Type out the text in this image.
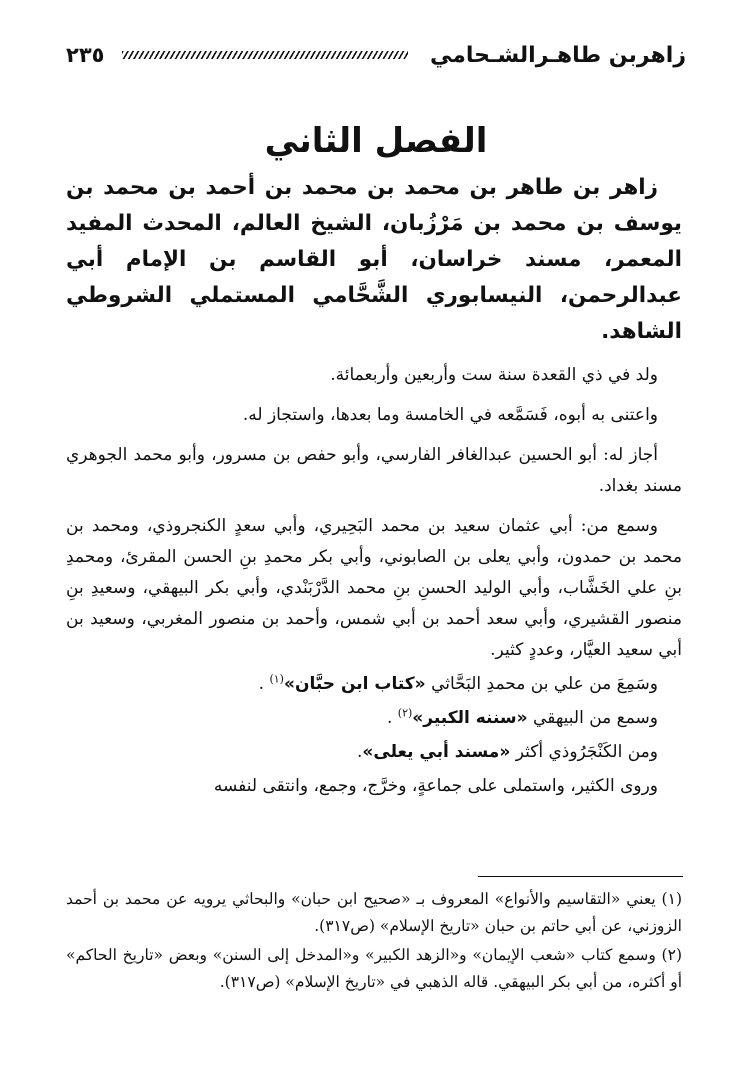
زاهربن طاهـرالشـحامي
٢٣٥
الفصل الثاني

زاهر بن طاهر بن محمد بن محمد بن أحمد بن محمد بن يوسف بن محمد بن مَرْزُبان، الشيخ العالم، المحدث المفيد المعمر، مسند خراسان، أبو القاسم بن الإمام أبي عبدالرحمن، النيسابوري الشَّحَّامي المستملي الشروطي الشاهد.

ولد في ذي القعدة سنة ست وأربعين وأربعمائة.

واعتنى به أبوه، فَسَمَّعه في الخامسة وما بعدها، واستجاز له.

أجاز له: أبو الحسين عبدالغافر الفارسي، وأبو حفص بن مسرور، وأبو محمد الجوهري مسند بغداد.

وسمع من: أبي عثمان سعيد بن محمد البَحِيري، وأبي سعدٍ الكنجروذي، ومحمد بن محمد بن حمدون، وأبي يعلى بن الصابوني، وأبي بكر محمدِ بنِ الحسن المقرئ، ومحمدِ بنِ علي الخَشَّاب، وأبي الوليد الحسنِ بنِ محمد الدَّرْبَنْدي، وأبي بكر البيهقي، وسعيدِ بنِ منصور القشيري، وأبي سعد أحمد بن أبي شمس، وأحمد بن منصور المغربي، وسعيد بن أبي سعيد العيَّار، وعددٍ كثير.

وسَمِعَ من علي بن محمدِ البَحَّاثي «كتاب ابن حبَّان»$^{(١)}$ .

وسمع من البيهقي «سننه الكبير»$^{(٢)}$ .

ومن الكَنْجَرُوذي أكثر «مسند أبي يعلى».

وروى الكثير، واستملى على جماعةٍ، وخرَّج، وجمع، وانتقى لنفسه

(١) يعني «التقاسيم والأنواع» المعروف بـ «صحيح ابن حبان» والبحاثي يرويه عن محمد بن أحمد الزوزني، عن أبي حاتم بن حبان «تاريخ الإسلام» (ص٣١٧).

(٢) وسمع كتاب «شعب الإيمان» و«الزهد الكبير» و«المدخل إلى السنن» وبعض «تاريخ الحاكم» أو أكثره، من أبي بكر البيهقي. قاله الذهبي في «تاريخ الإسلام» (ص٣١٧).
